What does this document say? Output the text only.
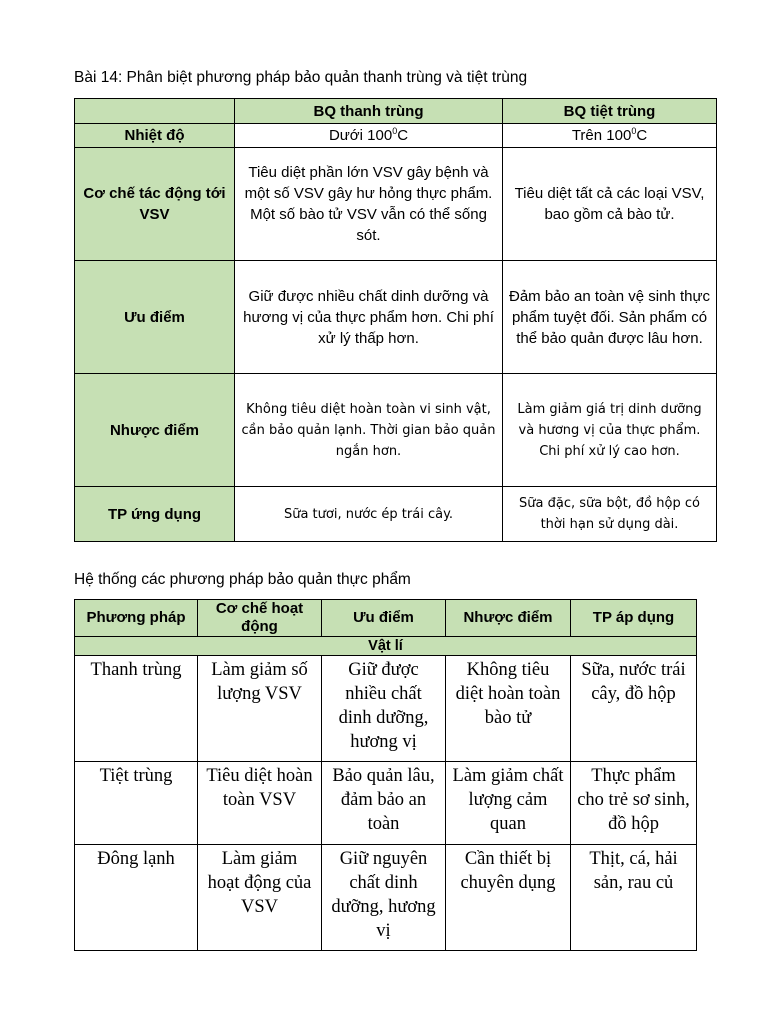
Bài 14: Phân biệt phương pháp bảo quản thanh trùng và tiệt trùng

	BQ thanh trùng	BQ tiệt trùng
Nhiệt độ	Dưới $100^0C$	Trên $100^0C$
Cơ chế tác động tới VSV	Tiêu diệt phần lớn VSV gây bệnh và một số VSV gây hư hỏng thực phẩm. Một số bào tử VSV vẫn có thể sống sót.	Tiêu diệt tất cả các loại VSV, bao gồm cả bào tử.
Ưu điểm	Giữ được nhiều chất dinh dưỡng và hương vị của thực phẩm hơn. Chi phí xử lý thấp hơn.	Đảm bảo an toàn vệ sinh thực phẩm tuyệt đối. Sản phẩm có thể bảo quản được lâu hơn.
Nhược điểm	Không tiêu diệt hoàn toàn vi sinh vật, cần bảo quản lạnh. Thời gian bảo quản ngắn hơn.	Làm giảm giá trị dinh dưỡng và hương vị của thực phẩm. Chi phí xử lý cao hơn.
TP ứng dụng	Sữa tươi, nước ép trái cây.	Sữa đặc, sữa bột, đồ hộp có thời hạn sử dụng dài.

Hệ thống các phương pháp bảo quản thực phẩm

Phương pháp	Cơ chế hoạt động	Ưu điểm	Nhược điểm	TP áp dụng
Vật lí				
Thanh trùng	Làm giảm số lượng VSV	Giữ được nhiều chất dinh dưỡng, hương vị	Không tiêu diệt hoàn toàn bào tử	Sữa, nước trái cây, đồ hộp
Tiệt trùng	Tiêu diệt hoàn toàn VSV	Bảo quản lâu, đảm bảo an toàn	Làm giảm chất lượng cảm quan	Thực phẩm cho trẻ sơ sinh, đồ hộp
Đông lạnh	Làm giảm hoạt động của VSV	Giữ nguyên chất dinh dưỡng, hương vị	Cần thiết bị chuyên dụng	Thịt, cá, hải sản, rau củ
